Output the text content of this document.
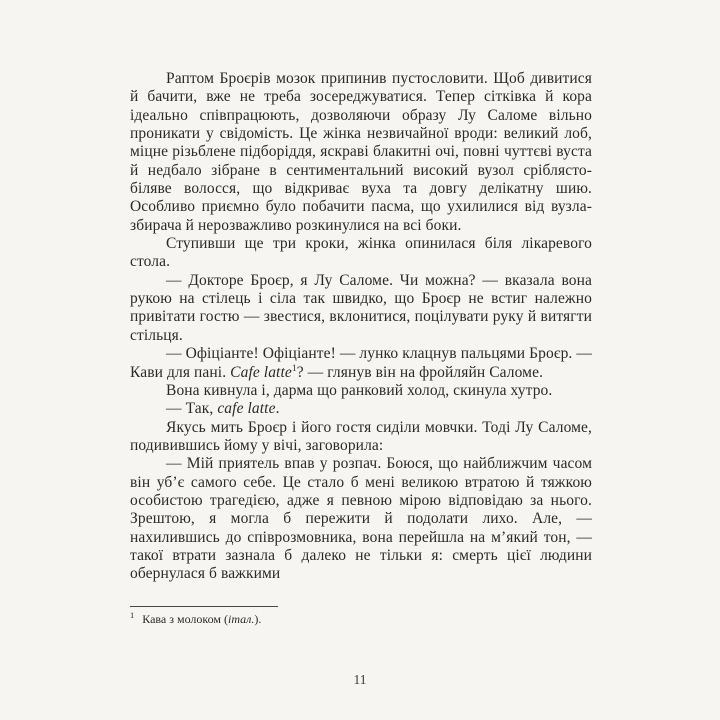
Раптом Броєрів мозок припинив пустословити. Щоб дивитися й бачити, вже не треба зосереджуватися. Тепер сітківка й кора ідеально співпрацюють, дозволяючи образу Лу Саломе вільно проникати у свідомість. Це жінка незвичайної вроди: великий лоб, міцне різьблене підборіддя, яскраві блакитні очі, повні чуттєві вуста й недбало зібране в сентиментальний високий вузол сріблясто-біляве волосся, що відкриває вуха та довгу делікатну шию. Особливо приємно було побачити пасма, що ухилилися від вузла-збирача й нерозважливо розкинулися на всі боки.

Ступивши ще три кроки, жінка опинилася біля лікаревого стола.

— Докторе Броєр, я Лу Саломе. Чи можна? — вказала вона рукою на стілець і сіла так швидко, що Броєр не встиг належно привітати гостю — звестися, вклонитися, поцілувати руку й витягти стільця.

— Офіціанте! Офіціанте! — лунко клацнув пальцями Броєр. — Кави для пані. Cafe latte$^1$? — глянув він на фройляйн Саломе.

Вона кивнула і, дарма що ранковий холод, скинула хутро.

— Так, cafe latte.

Якусь мить Броєр і його гостя сиділи мовчки. Тоді Лу Саломе, подивившись йому у вічі, заговорила:

— Мій приятель впав у розпач. Боюся, що найближчим часом він уб’є самого себе. Це стало б мені великою втратою й тяжкою особистою трагедією, адже я певною мірою відповідаю за нього. Зрештою, я могла б пережити й подолати лихо. Але, — нахилившись до співрозмовника, вона перейшла на м’який тон, — такої втрати зазнала б далеко не тільки я: смерть цієї людини обернулася б важкими

$^1$ Кава з молоком (італ.).
11
